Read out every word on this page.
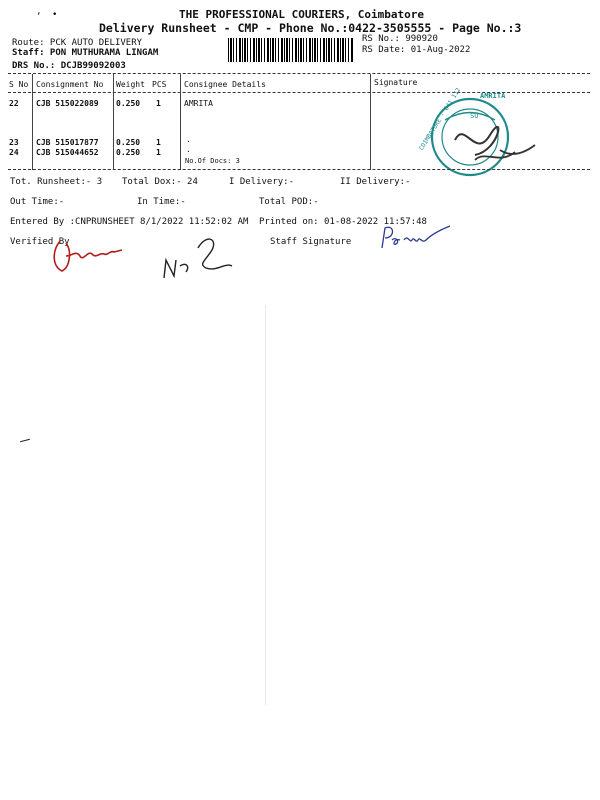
‘ •	THE PROFESSIONAL COURIERS, Coimbatore
Delivery Runsheet - CMP - Phone No.:0422-3505555 - Page No.:3
Route: PCK AUTO DELIVERY
Staff: PON MUTHURAMA LINGAM
DRS No.: DCJB99092003
RS No.: 990920
RS Date: 01-Aug-2022
S No Consignment No Weight PCS Consignee Details	Signature
22 CJB 515022089 0.250 1	AMRITA
23 CJB 515017877 0.250 1	.
24 CJB 515044652 0.250 1	.
No.Of Docs: 3
AMRITA
COIMBATORE - 641 112 SU
Tot. Runsheet:- 3 Total Dox:- 24	I Delivery:-	II Delivery:-
Out Time:-	In Time:-	Total POD:-
Entered By :CNPRUNSHEET 8/1/2022 11:52:02 AM Printed on: 01-08-2022 11:57:48
Verified By	Staff Signature
